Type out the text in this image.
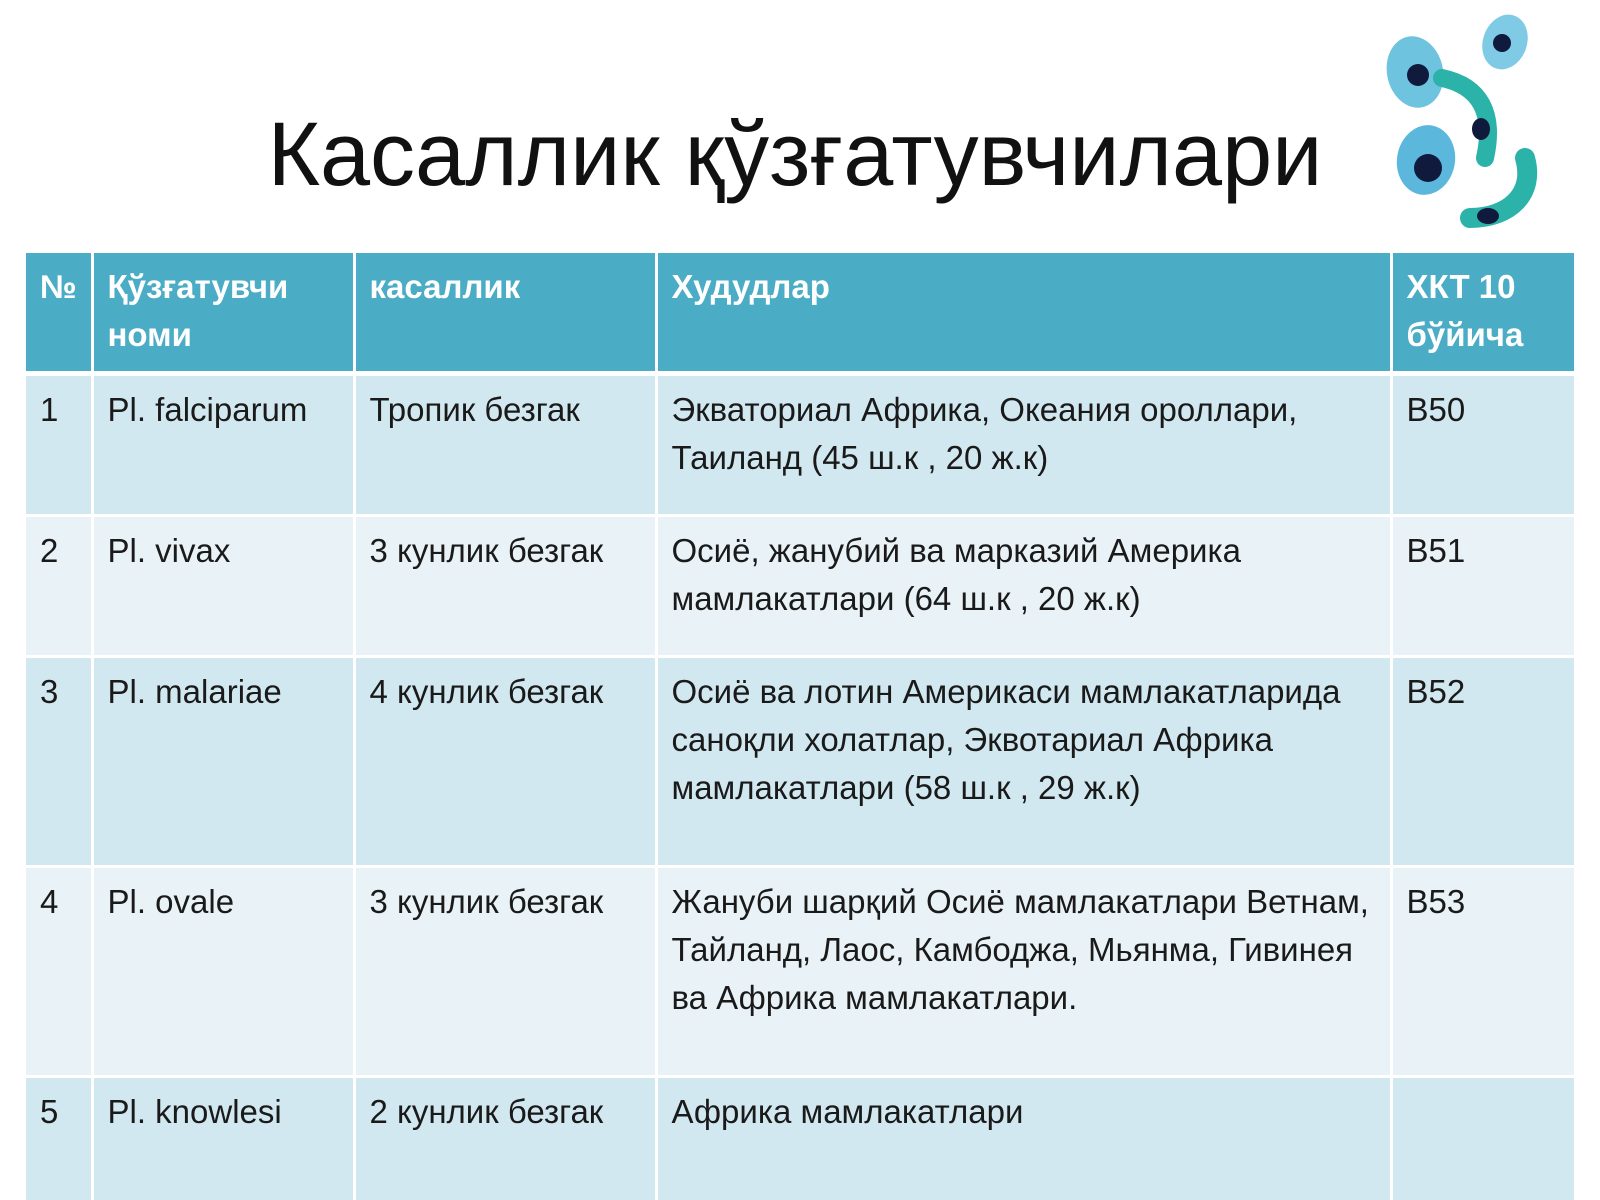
Касаллик қўзғатувчилари
№	Қўзғатувчи номи	касаллик	Худудлар	ХКТ 10 бўйича
1	Pl. falciparum	Тропик безгак	Экваториал Африка, Океания ороллари, Таиланд (45 ш.к , 20 ж.к)	В50
2	Pl. vivax	3 кунлик безгак	Осиё, жанубий ва марказий Америка мамлакатлари (64 ш.к , 20 ж.к)	В51
3	Pl. malariae	4 кунлик безгак	Осиё ва лотин Америкаси мамлакатларида саноқли холатлар, Эквотариал Африка мамлакатлари (58 ш.к , 29 ж.к)	В52
4	Pl. ovale	3 кунлик безгак	Жануби шарқий Осиё мамлакатлари Ветнам, Тайланд, Лаос, Камбоджа, Мьянма, Гивинея ва Африка мамлакатлари.	В53
5	Pl. knowlesi	2 кунлик безгак	Африка мамлакатлари	
